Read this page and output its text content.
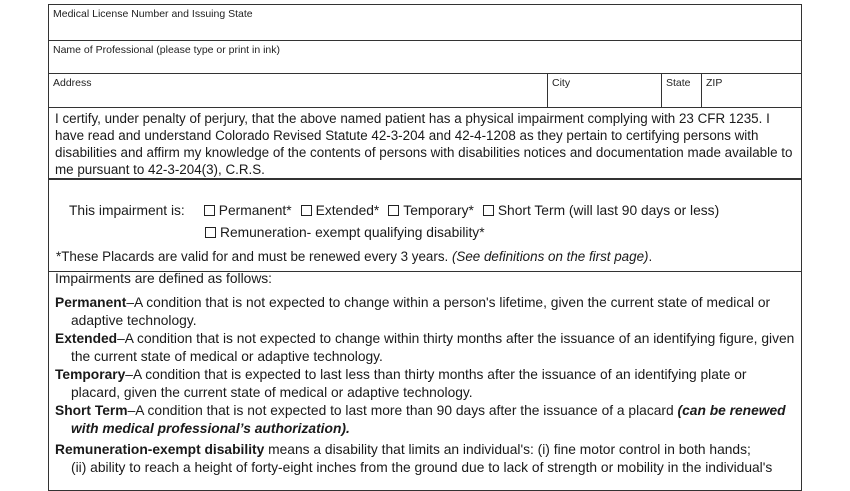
Medical License Number and Issuing State
Name of Professional (please type or print in ink)
Address	City	State ZIP
I certify, under penalty of perjury, that the above named patient has a physical impairment complying with 23 CFR 1235. I have read and understand Colorado Revised Statute 42-3-204 and 42-4-1208 as they pertain to certifying persons with disabilities and affirm my knowledge of the contents of persons with disabilities notices and documentation made available to me pursuant to 42-3-204(3), C.R.S.
This impairment is: Permanent* Extended* Temporary* Short Term (will last 90 days or less)
Remuneration- exempt qualifying disability*
*These Placards are valid for and must be renewed every 3 years. (See definitions on the first page).
Impairments are defined as follows:
Permanent–A condition that is not expected to change within a person's lifetime, given the current state of medical or
adaptive technology.
Extended–A condition that is not expected to change within thirty months after the issuance of an identifying figure, given
the current state of medical or adaptive technology.
Temporary–A condition that is expected to last less than thirty months after the issuance of an identifying plate or
placard, given the current state of medical or adaptive technology.
Short Term–A condition that is not expected to last more than 90 days after the issuance of a placard (can be renewed
with medical professional’s authorization).
Remuneration-exempt disability means a disability that limits an individual's: (i) fine motor control in both hands;
(ii) ability to reach a height of forty-eight inches from the ground due to lack of strength or mobility in the individual's
